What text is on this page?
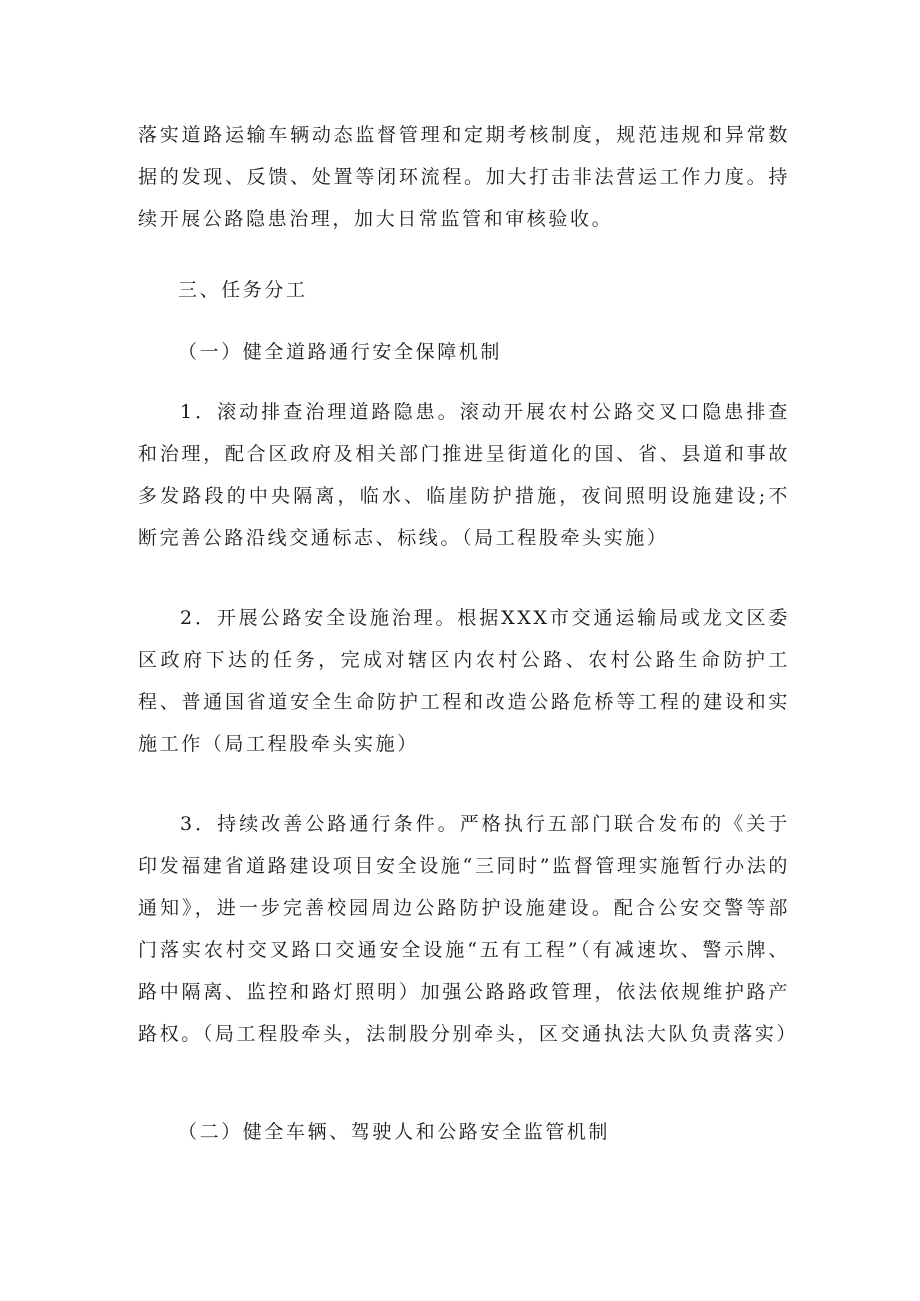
落实道路运输车辆动态监督管理和定期考核制度，规范违规和异常数据的发现、反馈、处置等闭环流程。加大打击非法营运工作力度。持续开展公路隐患治理，加大日常监管和审核验收。

三、任务分工

（一）健全道路通行安全保障机制

1．滚动排查治理道路隐患。滚动开展农村公路交叉口隐患排查和治理，配合区政府及相关部门推进呈街道化的国、省、县道和事故多发路段的中央隔离，临水、临崖防护措施，夜间照明设施建设;不断完善公路沿线交通标志、标线。（局工程股牵头实施）

2．开展公路安全设施治理。根据XXX市交通运输局或龙文区委区政府下达的任务，完成对辖区内农村公路、农村公路生命防护工程、普通国省道安全生命防护工程和改造公路危桥等工程的建设和实施工作（局工程股牵头实施）

3．持续改善公路通行条件。严格执行五部门联合发布的《关于印发福建省道路建设项目安全设施“三同时”监督管理实施暂行办法的通知》，进一步完善校园周边公路防护设施建设。配合公安交警等部门落实农村交叉路口交通安全设施“五有工程”（有减速坎、警示牌、路中隔离、监控和路灯照明）加强公路路政管理，依法依规维护路产路权。（局工程股牵头，法制股分别牵头，区交通执法大队负责落实）

（二）健全车辆、驾驶人和公路安全监管机制
